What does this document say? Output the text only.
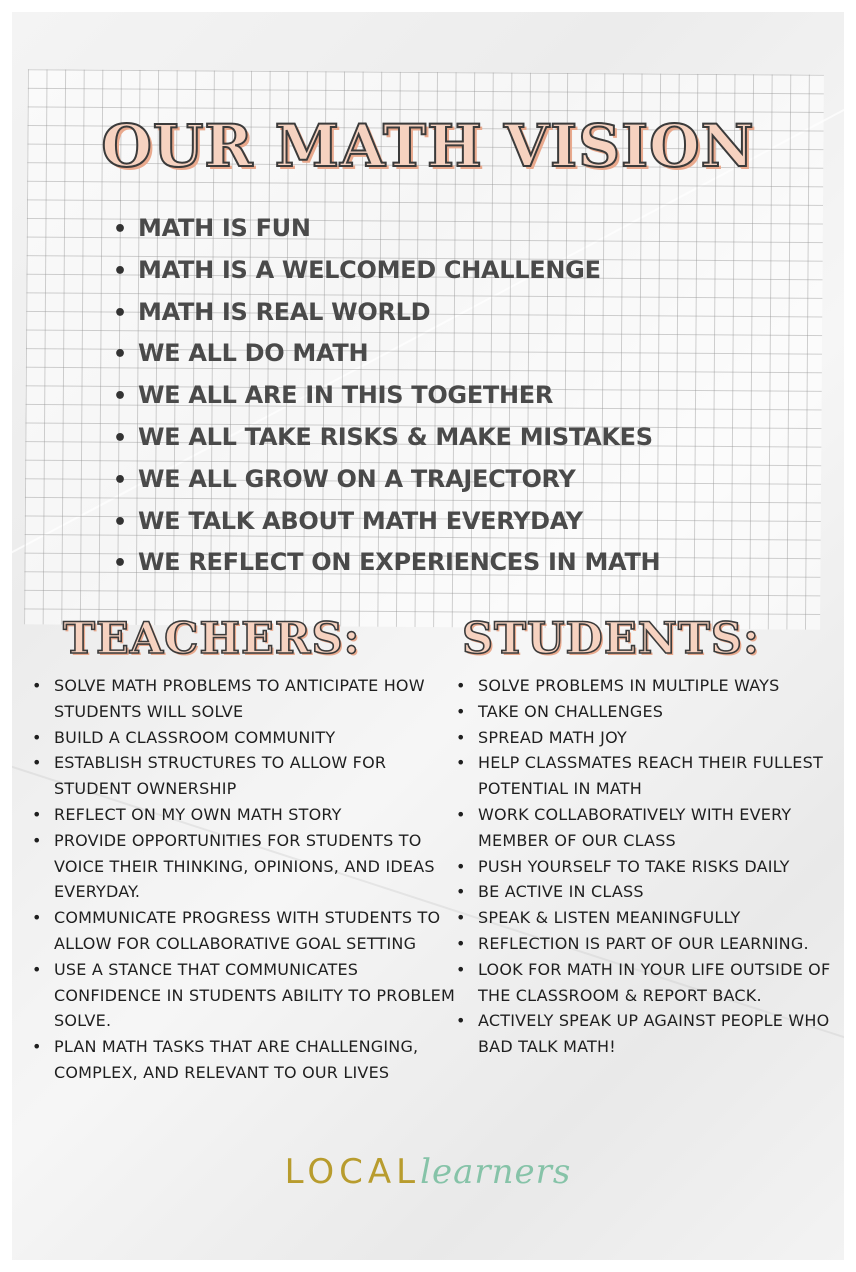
OUR MATH VISION
• MATH IS FUN
• MATH IS A WELCOMED CHALLENGE
• MATH IS REAL WORLD
• WE ALL DO MATH
• WE ALL ARE IN THIS TOGETHER
• WE ALL TAKE RISKS & MAKE MISTAKES
• WE ALL GROW ON A TRAJECTORY
• WE TALK ABOUT MATH EVERYDAY
• WE REFLECT ON EXPERIENCES IN MATH
TEACHERS: STUDENTS:
• SOLVE MATH PROBLEMS TO ANTICIPATE HOW STUDENTS WILL SOLVE
• BUILD A CLASSROOM COMMUNITY
• ESTABLISH STRUCTURES TO ALLOW FOR STUDENT OWNERSHIP
• REFLECT ON MY OWN MATH STORY
• PROVIDE OPPORTUNITIES FOR STUDENTS TO VOICE THEIR THINKING, OPINIONS, AND IDEAS EVERYDAY.
• COMMUNICATE PROGRESS WITH STUDENTS TO ALLOW FOR COLLABORATIVE GOAL SETTING
• USE A STANCE THAT COMMUNICATES CONFIDENCE IN STUDENTS ABILITY TO PROBLEM SOLVE.
• PLAN MATH TASKS THAT ARE CHALLENGING, COMPLEX, AND RELEVANT TO OUR LIVES
• SOLVE PROBLEMS IN MULTIPLE WAYS
• TAKE ON CHALLENGES
• SPREAD MATH JOY
• HELP CLASSMATES REACH THEIR FULLEST POTENTIAL IN MATH
• WORK COLLABORATIVELY WITH EVERY MEMBER OF OUR CLASS
• PUSH YOURSELF TO TAKE RISKS DAILY
• BE ACTIVE IN CLASS
• SPEAK & LISTEN MEANINGFULLY
• REFLECTION IS PART OF OUR LEARNING.
• LOOK FOR MATH IN YOUR LIFE OUTSIDE OF THE CLASSROOM & REPORT BACK.
• ACTIVELY SPEAK UP AGAINST PEOPLE WHO BAD TALK MATH!
LOCALlearners
